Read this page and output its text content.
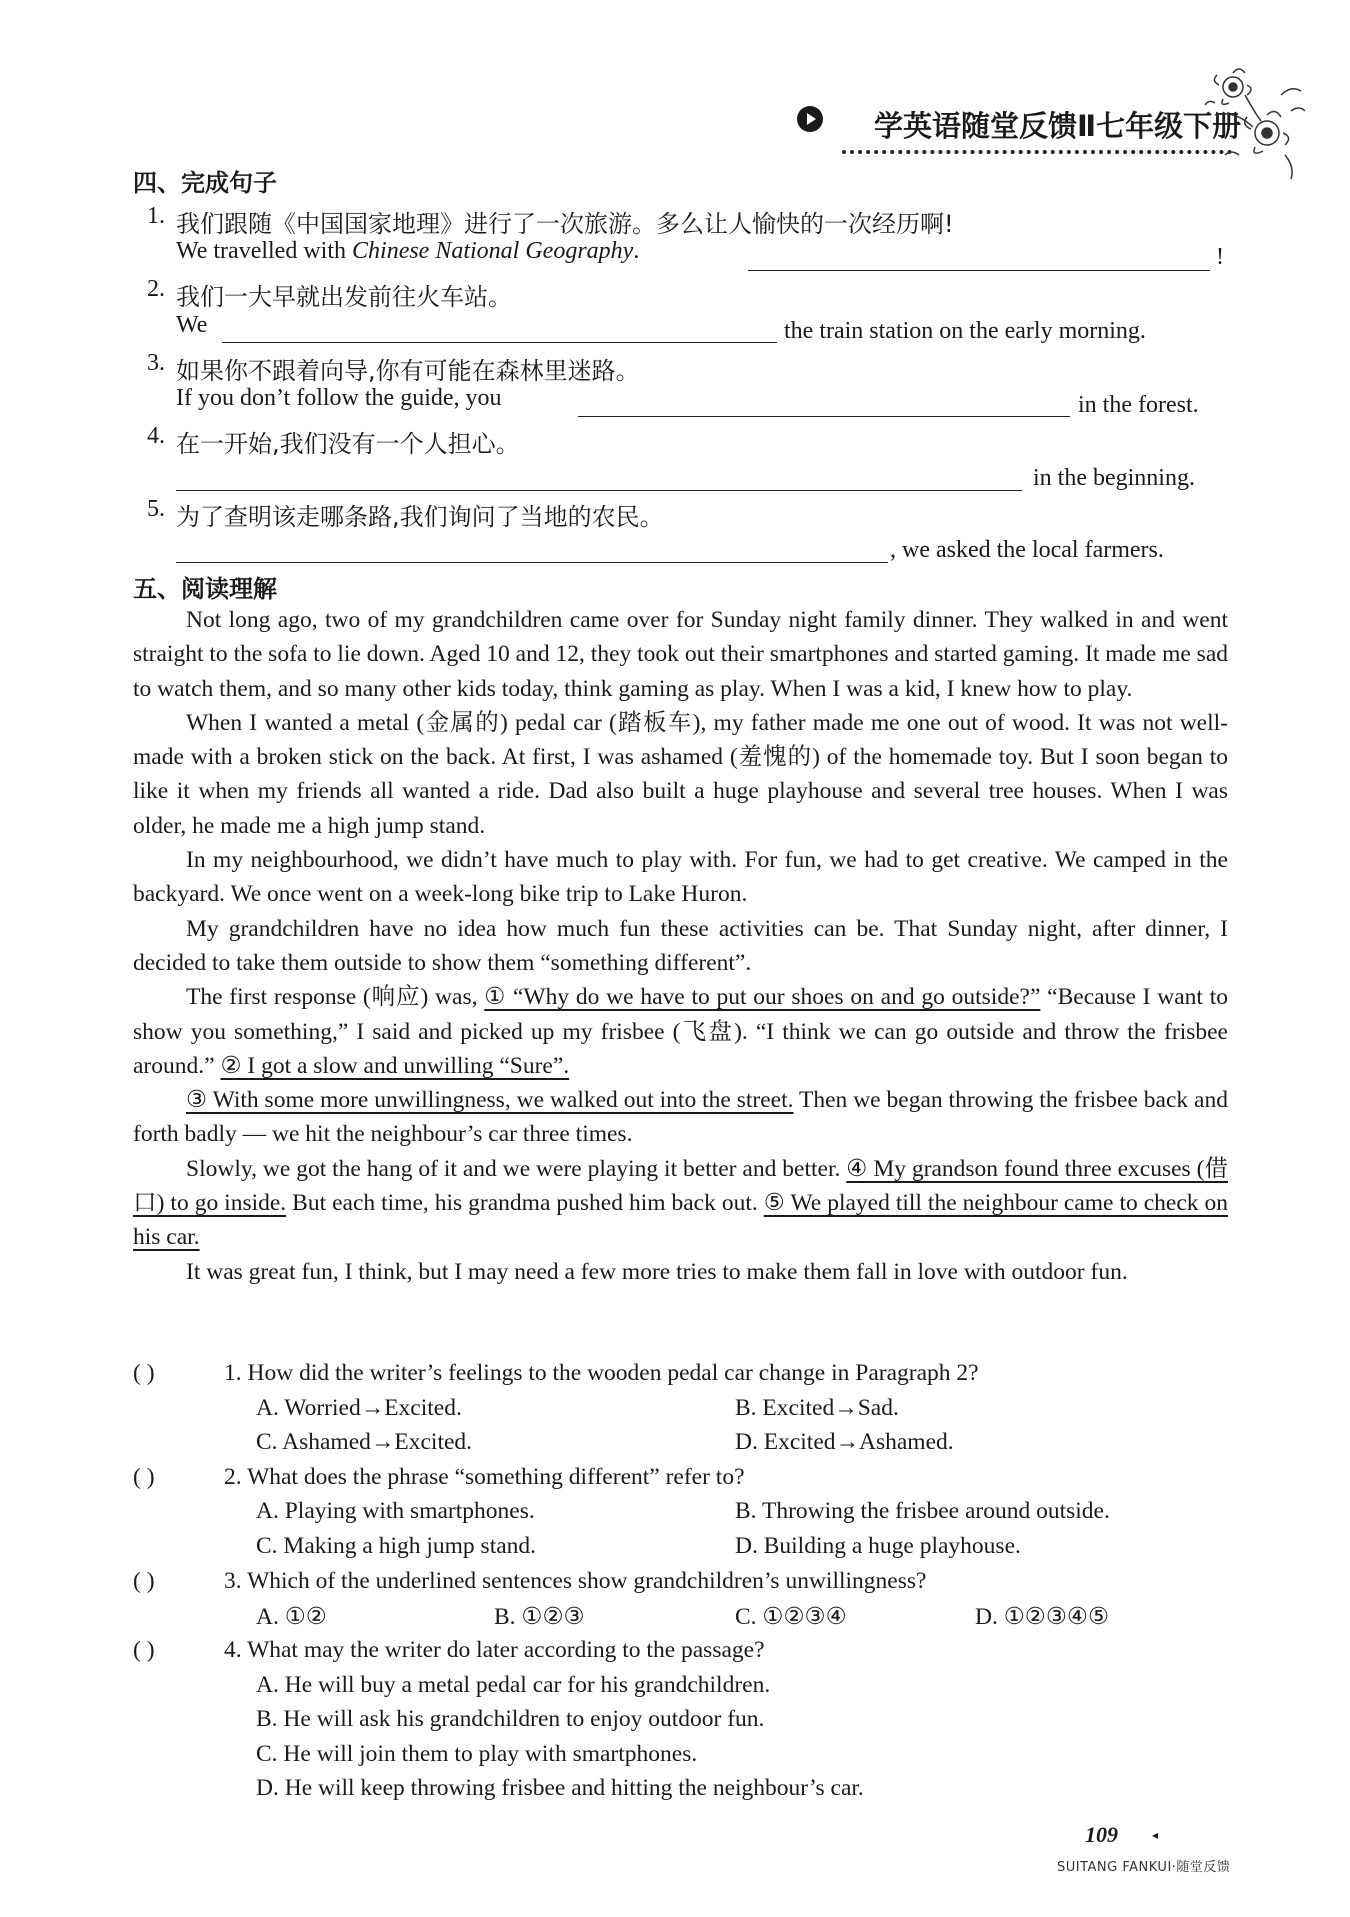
学英语随堂反馈Ⅱ七年级下册
四、完成句子
1. 我们跟随《中国国家地理》进行了一次旅游。多么让人愉快的一次经历啊!
We travelled with Chinese National Geography.	!
2. 我们一大早就出发前往火车站。
We	the train station on the early morning.
3. 如果你不跟着向导,你有可能在森林里迷路。
If you don’t follow the guide, you	in the forest.
4. 在一开始,我们没有一个人担心。
in the beginning.
5. 为了查明该走哪条路,我们询问了当地的农民。
, we asked the local farmers.
五、阅读理解

Not long ago, two of my grandchildren came over for Sunday night family dinner. They walked in and went straight to the sofa to lie down. Aged 10 and 12, they took out their smartphones and started gaming. It made me sad to watch them, and so many other kids today, think gaming as play. When I was a kid, I knew how to play.

When I wanted a metal (金属的) pedal car (踏板车), my father made me one out of wood. It was not well-made with a broken stick on the back. At first, I was ashamed (羞愧的) of the homemade toy. But I soon began to like it when my friends all wanted a ride. Dad also built a huge playhouse and several tree houses. When I was older, he made me a high jump stand.

In my neighbourhood, we didn’t have much to play with. For fun, we had to get creative. We camped in the backyard. We once went on a week-long bike trip to Lake Huron.

My grandchildren have no idea how much fun these activities can be. That Sunday night, after dinner, I decided to take them outside to show them “something different”.

The first response (响应) was, ① “Why do we have to put our shoes on and go outside?” “Because I want to show you something,” I said and picked up my frisbee (飞盘). “I think we can go outside and throw the frisbee around.” ② I got a slow and unwilling “Sure”.

③ With some more unwillingness, we walked out into the street. Then we began throwing the frisbee back and forth badly — we hit the neighbour’s car three times.

Slowly, we got the hang of it and we were playing it better and better. ④ My grandson found three excuses (借口) to go inside. But each time, his grandma pushed him back out. ⑤ We played till the neighbour came to check on his car.

It was great fun, I think, but I may need a few more tries to make them fall in love with outdoor fun.

( )	1. How did the writer’s feelings to the wooden pedal car change in Paragraph 2?
A. Worried→Excited.	B. Excited→Sad.
C. Ashamed→Excited.	D. Excited→Ashamed.
( )	2. What does the phrase “something different” refer to?
A. Playing with smartphones.	B. Throwing the frisbee around outside.
C. Making a high jump stand.	D. Building a huge playhouse.
( )	3. Which of the underlined sentences show grandchildren’s unwillingness?
A. ①②	B. ①②③	C. ①②③④	D. ①②③④⑤
( )	4. What may the writer do later according to the passage?
A. He will buy a metal pedal car for his grandchildren.
B. He will ask his grandchildren to enjoy outdoor fun.
C. He will join them to play with smartphones.
D. He will keep throwing frisbee and hitting the neighbour’s car.
109	◂
SUITANG FANKUI·随堂反馈
